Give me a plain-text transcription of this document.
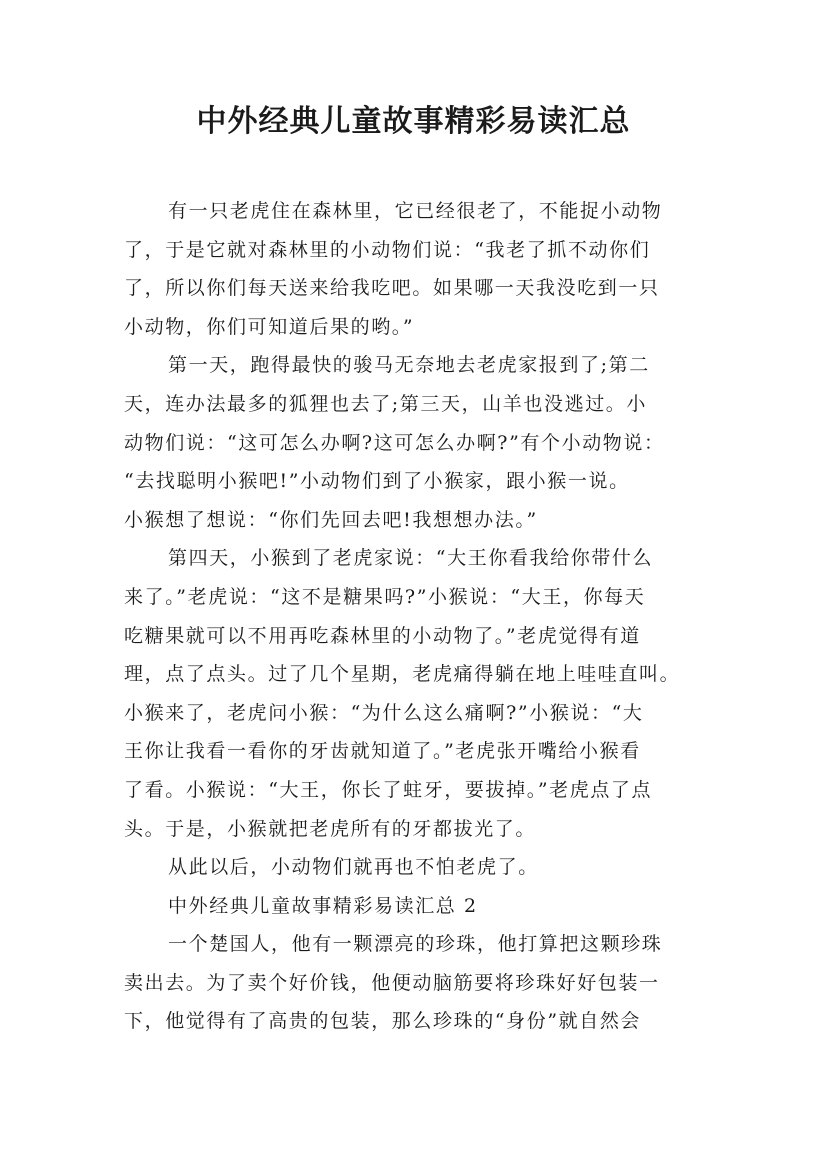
中外经典儿童故事精彩易读汇总
有一只老虎住在森林里，它已经很老了，不能捉小动物
了，于是它就对森林里的小动物们说：“我老了抓不动你们
了，所以你们每天送来给我吃吧。如果哪一天我没吃到一只
小动物，你们可知道后果的哟。”
第一天，跑得最快的骏马无奈地去老虎家报到了;第二
天，连办法最多的狐狸也去了;第三天，山羊也没逃过。小
动物们说：“这可怎么办啊?这可怎么办啊?”有个小动物说：
“去找聪明小猴吧!”小动物们到了小猴家，跟小猴一说。
小猴想了想说：“你们先回去吧!我想想办法。”
第四天，小猴到了老虎家说：“大王你看我给你带什么
来了。”老虎说：“这不是糖果吗?”小猴说：“大王，你每天
吃糖果就可以不用再吃森林里的小动物了。”老虎觉得有道
理，点了点头。过了几个星期，老虎痛得躺在地上哇哇直叫。
小猴来了，老虎问小猴：“为什么这么痛啊?”小猴说：“大
王你让我看一看你的牙齿就知道了。”老虎张开嘴给小猴看
了看。小猴说：“大王，你长了蛀牙，要拔掉。”老虎点了点
头。于是，小猴就把老虎所有的牙都拔光了。
从此以后，小动物们就再也不怕老虎了。
中外经典儿童故事精彩易读汇总 2
一个楚国人，他有一颗漂亮的珍珠，他打算把这颗珍珠
卖出去。为了卖个好价钱，他便动脑筋要将珍珠好好包装一
下，他觉得有了高贵的包装，那么珍珠的“身份”就自然会
